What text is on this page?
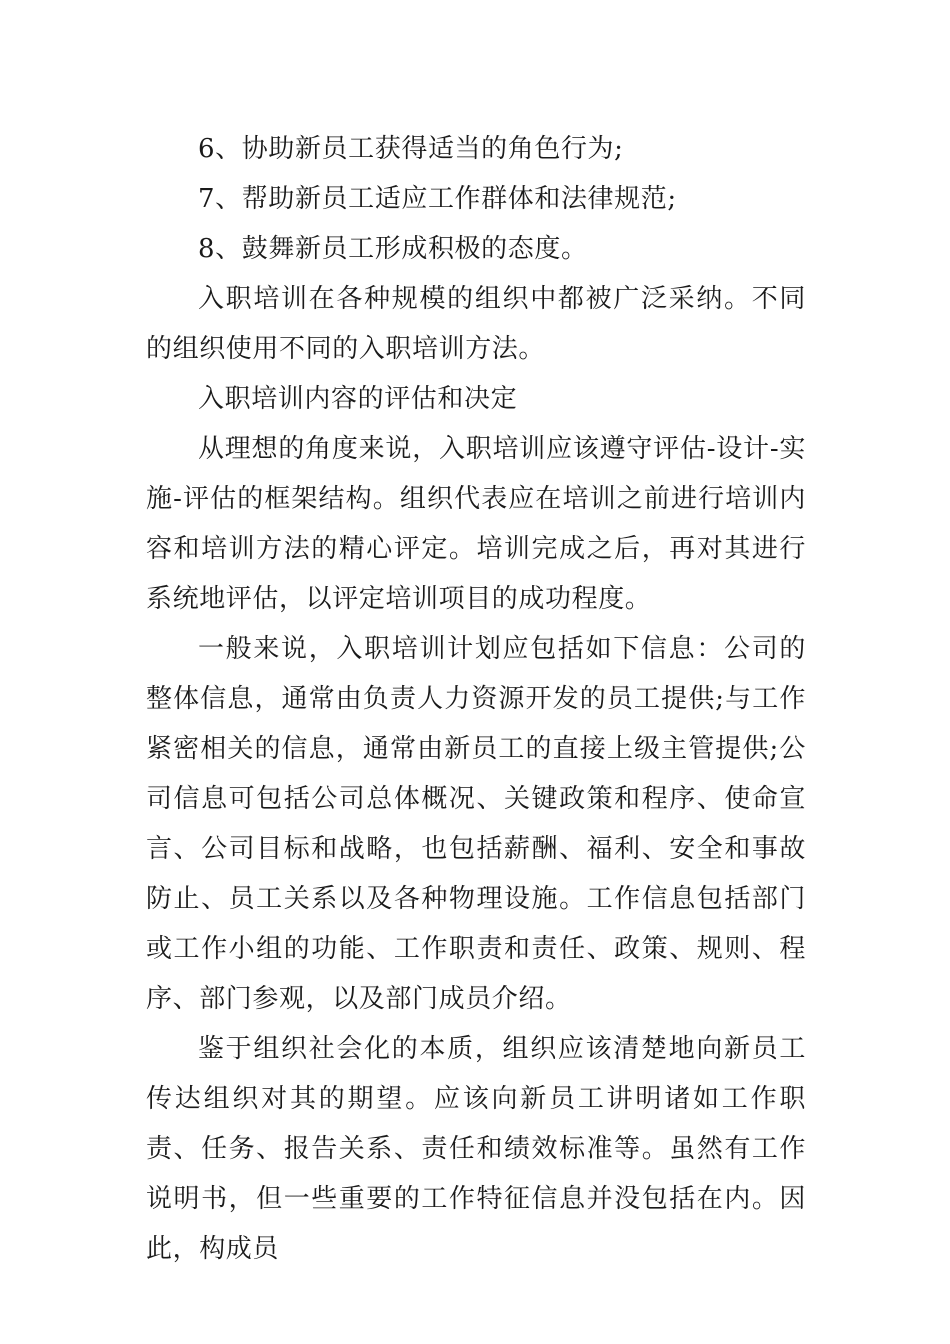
6、协助新员工获得适当的角色行为;

7、帮助新员工适应工作群体和法律规范;

8、鼓舞新员工形成积极的态度。

入职培训在各种规模的组织中都被广泛采纳。不同的组织使用不同的入职培训方法。

入职培训内容的评估和决定

从理想的角度来说，入职培训应该遵守评估-设计-实施-评估的框架结构。组织代表应在培训之前进行培训内容和培训方法的精心评定。培训完成之后，再对其进行系统地评估，以评定培训项目的成功程度。

一般来说，入职培训计划应包括如下信息：公司的整体信息，通常由负责人力资源开发的员工提供;与工作紧密相关的信息，通常由新员工的直接上级主管提供;公司信息可包括公司总体概况、关键政策和程序、使命宣言、公司目标和战略，也包括薪酬、福利、安全和事故防止、员工关系以及各种物理设施。工作信息包括部门或工作小组的功能、工作职责和责任、政策、规则、程序、部门参观，以及部门成员介绍。

鉴于组织社会化的本质，组织应该清楚地向新员工传达组织对其的期望。应该向新员工讲明诸如工作职责、任务、报告关系、责任和绩效标准等。虽然有工作说明书，但一些重要的工作特征信息并没包括在内。因此，构成员
